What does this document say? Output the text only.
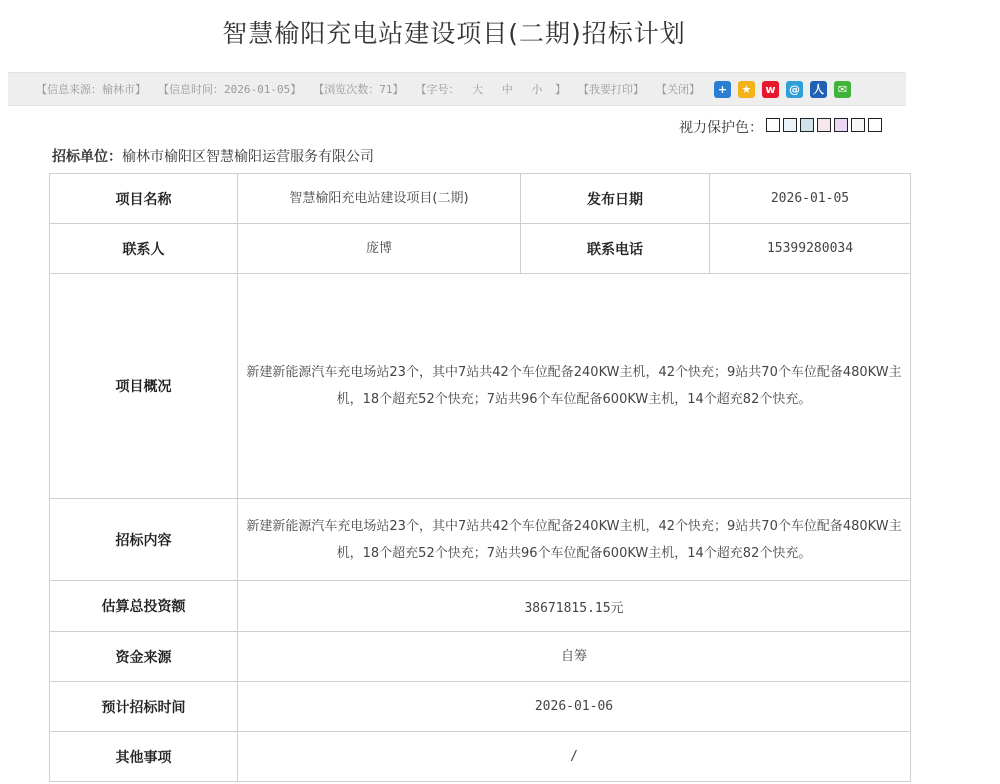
智慧榆阳充电站建设项目(二期)招标计划
【信息来源：榆林市】 【信息时间：2026-01-05】 【浏览次数：71】 【字号： 大 中 小 】 【我要打印】 【关闭】	+	★	w	@ 人	✉
视力保护色：
招标单位：榆林市榆阳区智慧榆阳运营服务有限公司
项目名称	智慧榆阳充电站建设项目(二期)	发布日期	2026-01-05
联系人	庞博	联系电话	15399280034
项目概况	新建新能源汽车充电场站23个，其中7站共42个车位配备240KW主机，42个快充；9站共70个车位配备480KW主机，18个超充52个快充；7站共96个车位配备600KW主机，14个超充82个快充。		
招标内容	新建新能源汽车充电场站23个，其中7站共42个车位配备240KW主机，42个快充；9站共70个车位配备480KW主机，18个超充52个快充；7站共96个车位配备600KW主机，14个超充82个快充。		
估算总投资额	38671815.15元		
资金来源	自筹		
预计招标时间	2026-01-06		
其他事项	/		
